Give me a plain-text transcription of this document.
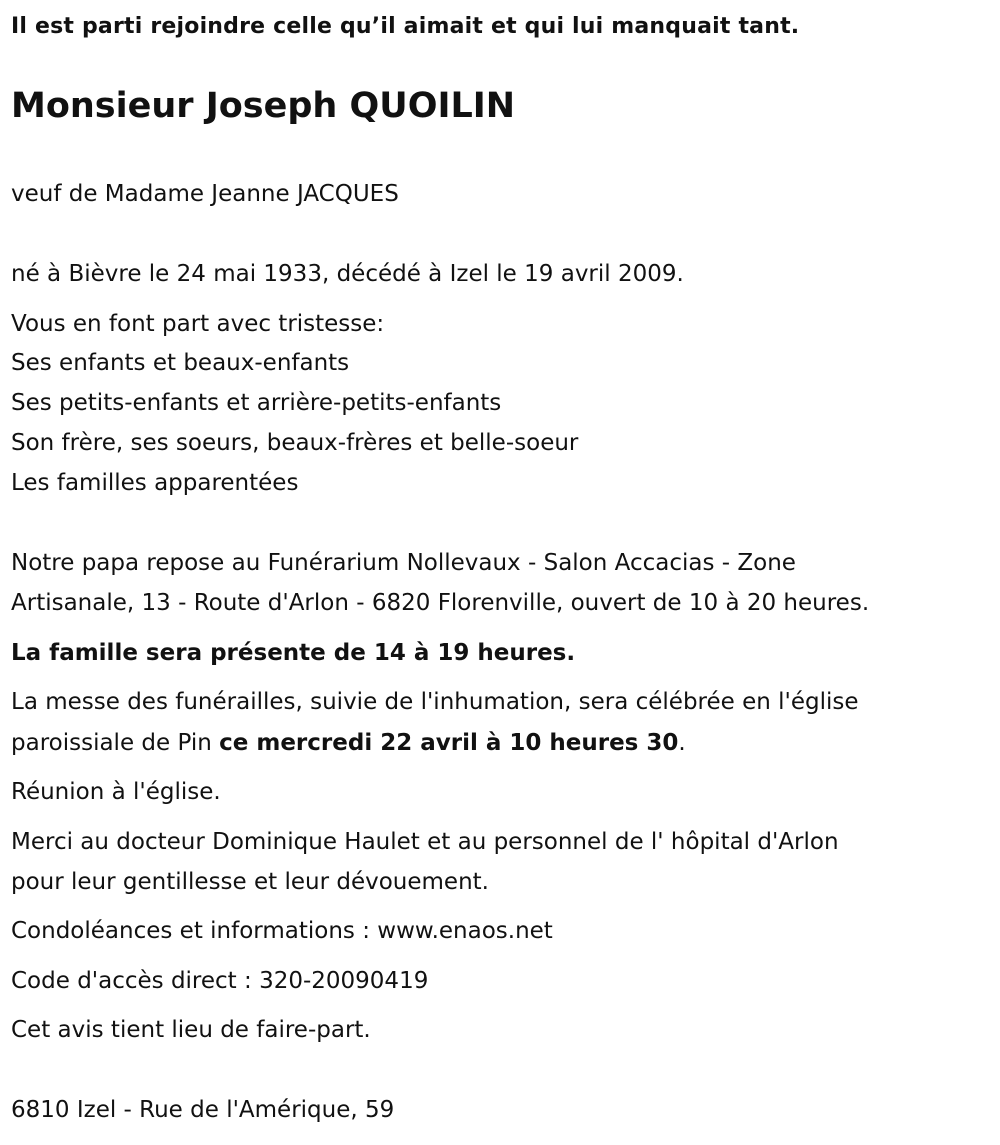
Il est parti rejoindre celle qu’il aimait et qui lui manquait tant.
Monsieur Joseph QUOILIN
veuf de Madame Jeanne JACQUES
né à Bièvre le 24 mai 1933, décédé à Izel le 19 avril 2009.
Vous en font part avec tristesse:
Ses enfants et beaux-enfants
Ses petits-enfants et arrière-petits-enfants
Son frère, ses soeurs, beaux-frères et belle-soeur
Les familles apparentées
Notre papa repose au Funérarium Nollevaux - Salon Accacias - Zone
Artisanale, 13 - Route d'Arlon - 6820 Florenville, ouvert de 10 à 20 heures.
La famille sera présente de 14 à 19 heures.
La messe des funérailles, suivie de l'inhumation, sera célébrée en l'église
paroissiale de Pin ce mercredi 22 avril à 10 heures 30.
Réunion à l'église.
Merci au docteur Dominique Haulet et au personnel de l' hôpital d'Arlon
pour leur gentillesse et leur dévouement.
Condoléances et informations : www.enaos.net
Code d'accès direct : 320-20090419
Cet avis tient lieu de faire-part.
6810 Izel - Rue de l'Amérique, 59
